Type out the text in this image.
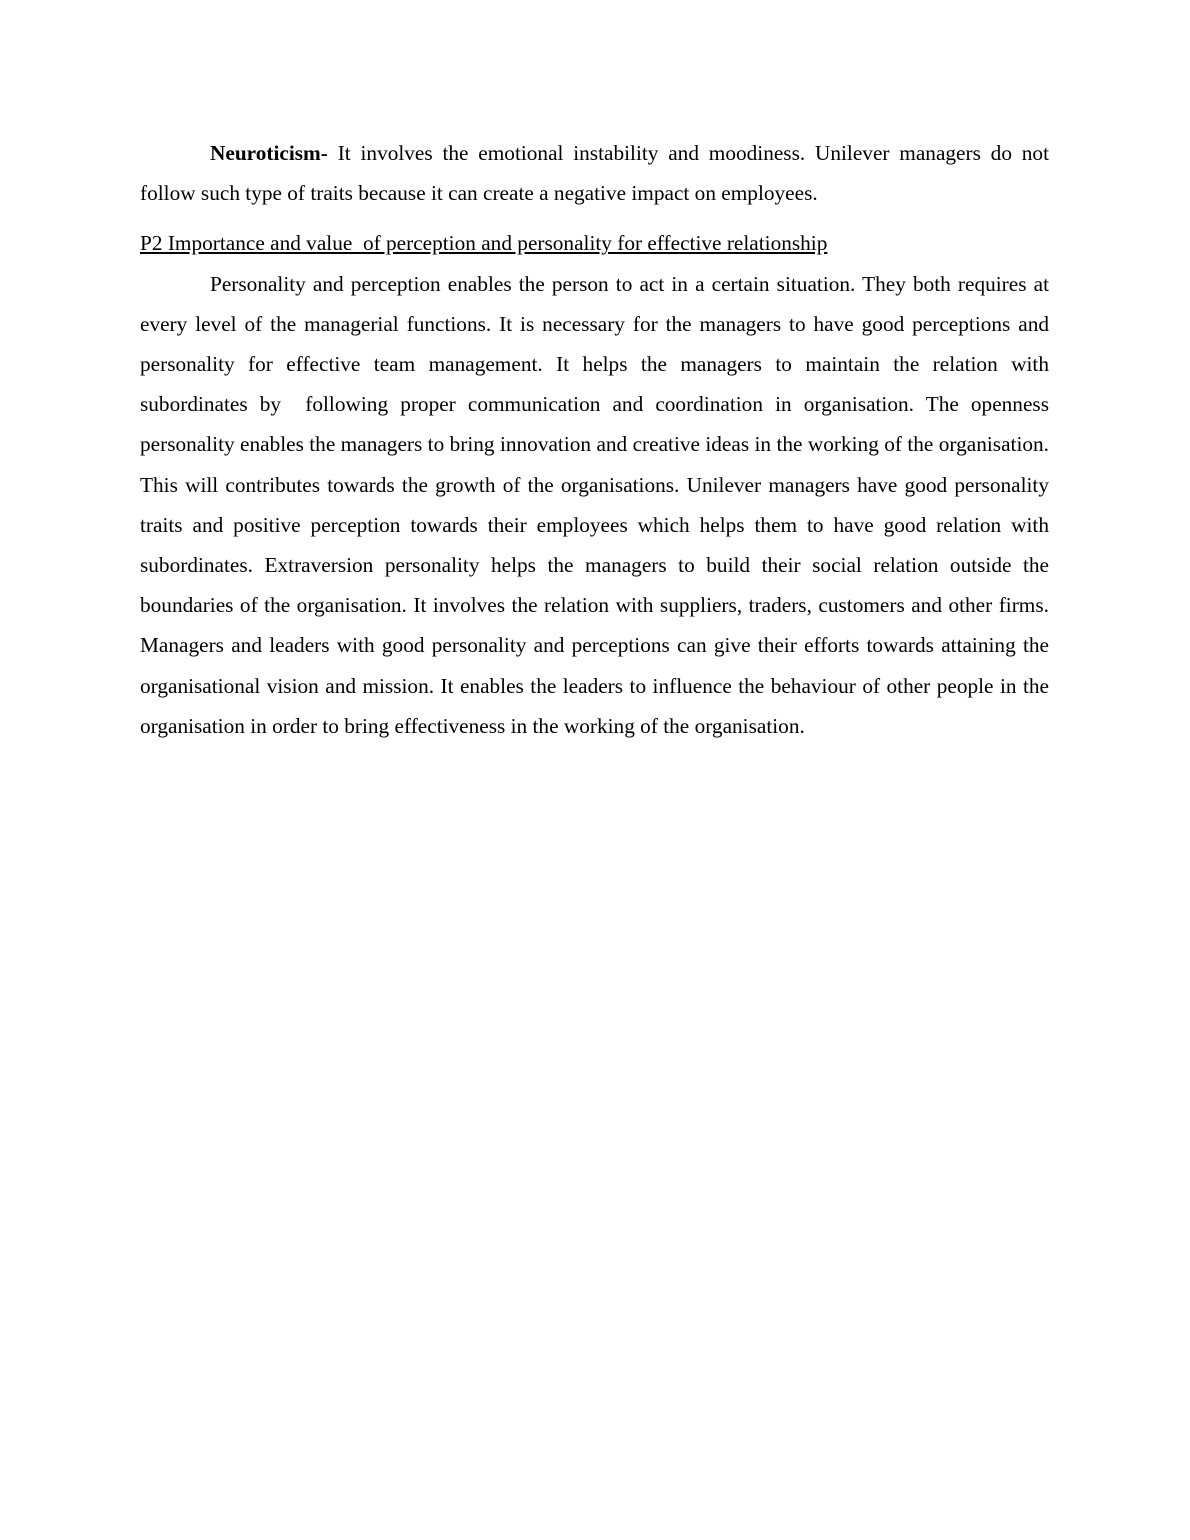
Neuroticism- It involves the emotional instability and moodiness. Unilever managers do not follow such type of traits because it can create a negative impact on employees.

P2 Importance and value  of perception and personality for effective relationship

Personality and perception enables the person to act in a certain situation. They both requires at every level of the managerial functions. It is necessary for the managers to have good perceptions and personality for effective team management. It helps the managers to maintain the relation with subordinates by  following proper communication and coordination in organisation. The openness personality enables the managers to bring innovation and creative ideas in the working of the organisation. This will contributes towards the growth of the organisations. Unilever managers have good personality traits and positive perception towards their employees which helps them to have good relation with subordinates. Extraversion personality helps the managers to build their social relation outside the boundaries of the organisation. It involves the relation with suppliers, traders, customers and other firms. Managers and leaders with good personality and perceptions can give their efforts towards attaining the  organisational vision and mission. It enables the leaders to influence the behaviour of other people in the organisation in order to bring effectiveness in the working of the organisation.
